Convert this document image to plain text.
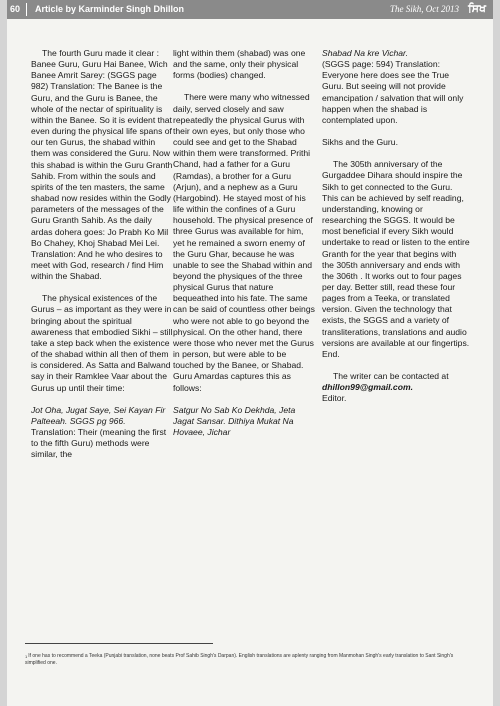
60 Article by Karminder Singh Dhillon	The Sikh, Oct 2013 ਸਿਖ

The fourth Guru made it clear : Banee Guru, Guru Hai Banee, Wich Banee Amrit Sarey: (SGGS page 982) Translation: The Banee is the Guru, and the Guru is Banee, the whole of the nectar of spirituality is within the Banee. So it is evident that even during the physical life spans of our ten Gurus, the shabad within them was considered the Guru. Now this shabad is within the Guru Granth Sahib. From within the souls and spirits of the ten masters, the same shabad now resides within the Godly parameters of the messages of the Guru Granth Sahib. As the daily ardas dohera goes: Jo Prabh Ko Mil Bo Chahey, Khoj Shabad Mei Lei. Translation: And he who desires to meet with God, research / find Him within the Shabad.

The physical existences of the Gurus – as important as they were in bringing about the spiritual awareness that embodied Sikhi – still take a step back when the existence of the shabad within all then of them is considered. As Satta and Balwand say in their Ramklee Vaar about the Gurus up until their time:

Jot Oha, Jugat Saye, Sei Kayan Fir Palteeah. SGGS pg 966.

Translation: Their (meaning the first to the fifth Guru) methods were similar, the

light within them (shabad) was one and the same, only their physical forms (bodies) changed.

There were many who witnessed daily, served closely and saw repeatedly the physical Gurus with their own eyes, but only those who could see and get to the Shabad within them were transformed. Prithi Chand, had a father for a Guru (Ramdas), a brother for a Guru (Arjun), and a nephew as a Guru (Hargobind). He stayed most of his life within the confines of a Guru household. The physical presence of three Gurus was available for him, yet he remained a sworn enemy of the Guru Ghar, because he was unable to see the Shabad within and beyond the physiques of the three physical Gurus that nature bequeathed into his fate. The same can be said of countless other beings who were not able to go beyond the physical. On the other hand, there were those who never met the Gurus in person, but were able to be touched by the Banee, or Shabad. Guru Amardas captures this as follows:

Satgur No Sab Ko Dekhda, Jeta Jagat Sansar. Dithiya Mukat Na Hovaee, Jichar

Shabad Na kre Vichar.

(SGGS page: 594) Translation: Everyone here does see the True Guru. But seeing will not provide emancipation / salvation that will only happen when the shabad is contemplated upon.

Sikhs and the Guru.

The 305th anniversary of the Gurgaddee Dihara should inspire the Sikh to get connected to the Guru. This can be achieved by self reading, understanding, knowing or researching the SGGS. It would be most beneficial if every Sikh would undertake to read or listen to the entire Granth for the year that begins with the 305th anniversary and ends with the 306th . It works out to four pages per day. Better still, read these four pages from a Teeka, or translated version. Given the technology that exists, the SGGS and a variety of transliterations, translations and audio versions are available at our fingertips. End.

The writer can be contacted at

dhillon99@gmail.com.

Editor.

$^1$If one has to recommend a Teeka (Punjabi translation, none beats Prof Sahib Singh's Darpan). English translations are aplenty ranging from Manmohan Singh's early translation to Sant Singh's simplified one.
